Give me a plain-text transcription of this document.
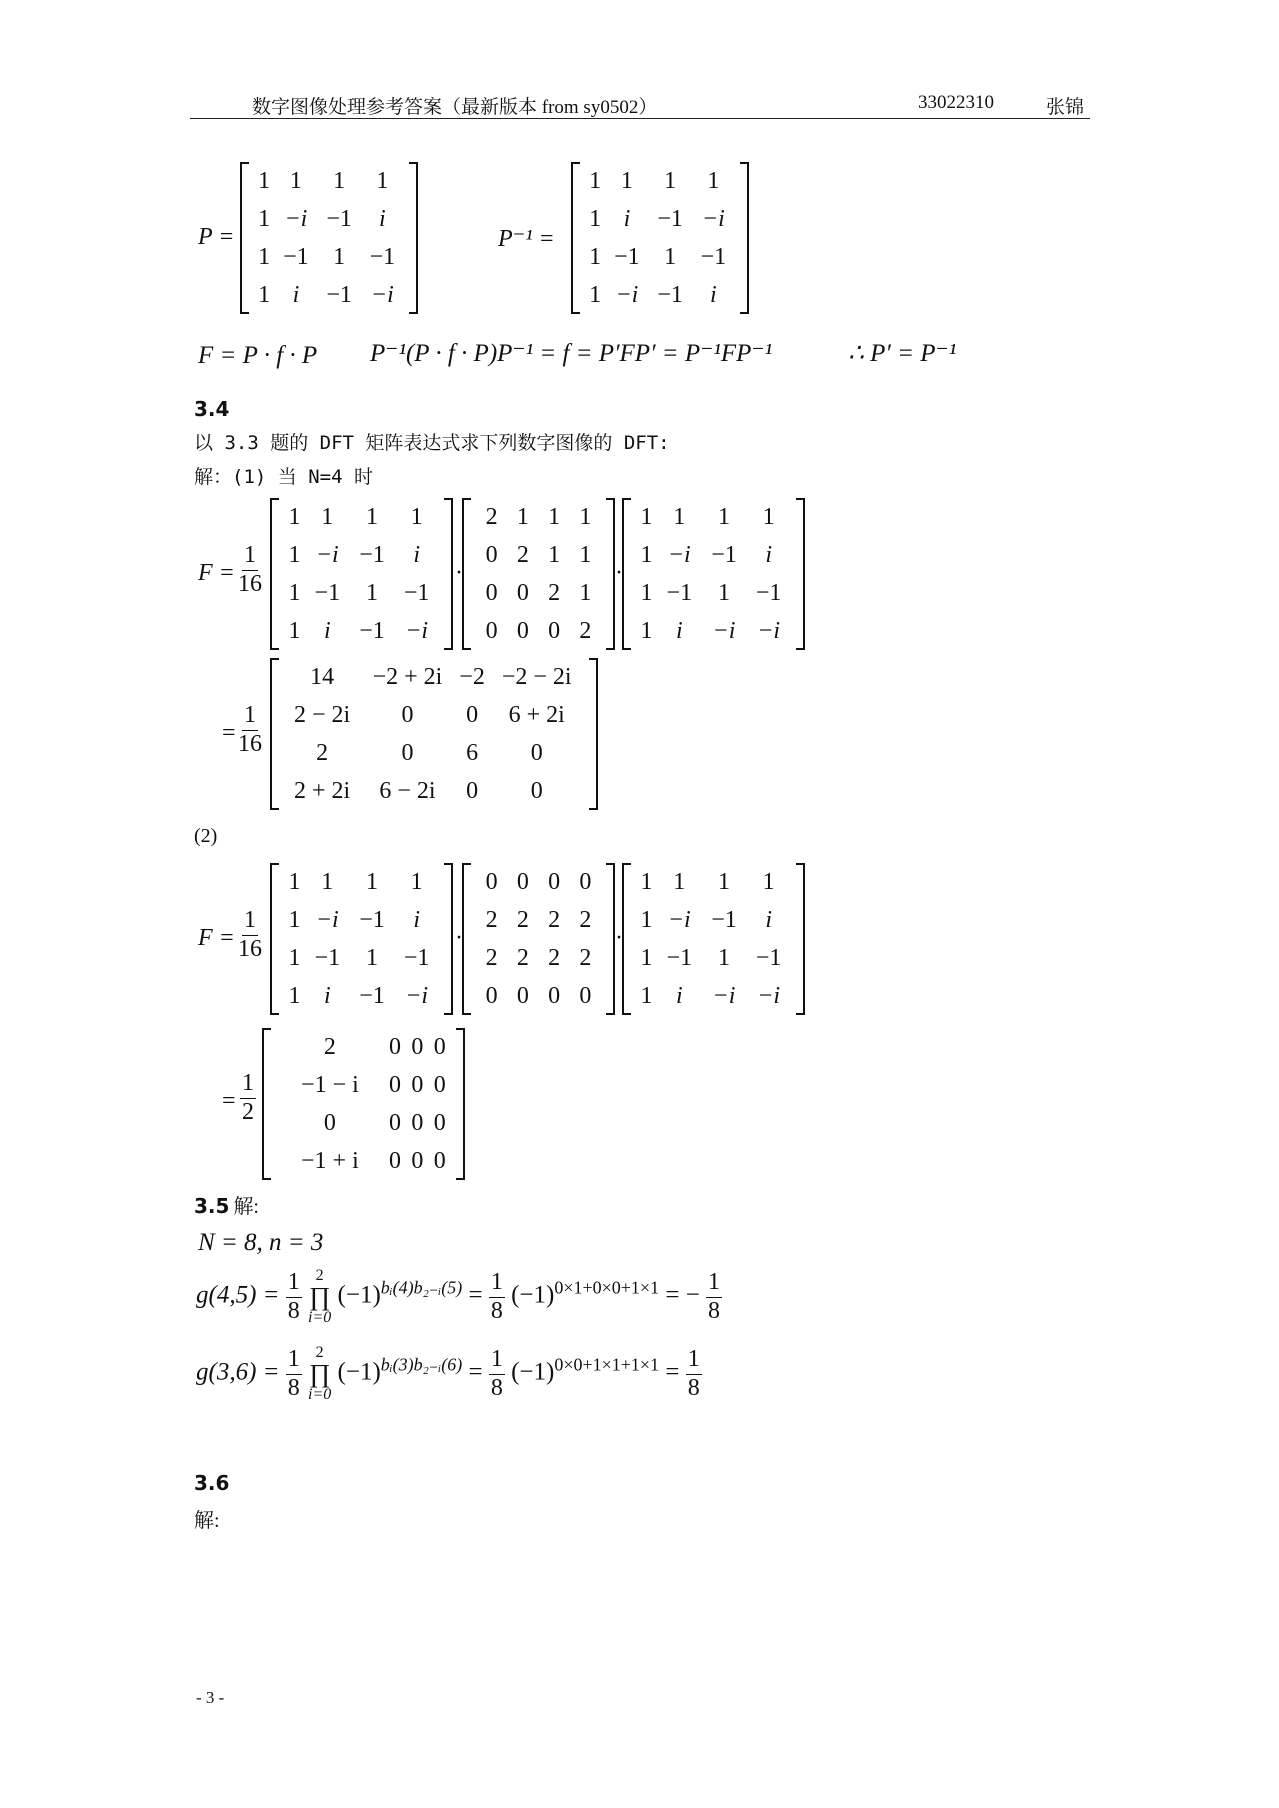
数字图像处理参考答案（最新版本 from sy0502）	33022310	张锦
P =
1	1	1	1
1	−i	−1	i
1	−1	1	−1
1	i	−1	−i
P⁻¹ =
1	1	1	1
1	i	−1	−i
1	−1	1	−1
1	−i	−1	i
F = P · f · P P⁻¹(P · f · P)P⁻¹ = f = P′FP′ = P⁻¹FP⁻¹	∴ P′ = P⁻¹
3.4
以 3.3 题的 DFT 矩阵表达式求下列数字图像的 DFT:
解：(1) 当 N=4 时
$F = \frac{1}{16}$
1	1	1	1
1	−i	−1	i
1	−1	1	−1
1	i	−1	−i
·
2	1	1	1
0	2	1	1
0	0	2	1
0	0	0	2
·
1	1	1	1
1	−i	−1	i
1	−1	1	−1
1	i	−i	−i
= $\frac{1}{16}$
14	−2 + 2i	−2	−2 − 2i
2 − 2i	0	0	6 + 2i
2	0	6	0
2 + 2i	6 − 2i	0	0
(2)
$F = \frac{1}{16}$
1	1	1	1
1	−i	−1	i
1	−1	1	−1
1	i	−1	−i
·
0	0	0	0
2	2	2	2
2	2	2	2
0	0	0	0
·
1	1	1	1
1	−i	−1	i
1	−1	1	−1
1	i	−i	−i
= $\frac{1}{2}$
2	0	0	0
−1 − i	0	0	0
0	0	0	0
−1 + i	0	0	0
3.5 解:
N = 8, n = 3
$g(4,5) = \frac{1}{8}$
2
∏
i=0
$(-1)^{bᵢ(4)b_{2-}ᵢ(5)} = \frac{1}{8} (-1)^{0\times 1+0\times 0+1\times 1}$ = − $\frac{1}{8}$
$g(3,6) = \frac{1}{8}$
2
∏
i=0
$(-1)^{bᵢ(3)b_{2-}ᵢ(6)} = \frac{1}{8} (-1)^{0\times 0+1\times 1+1\times 1} = \frac{1}{8}$
3.6
解:
- 3 -
